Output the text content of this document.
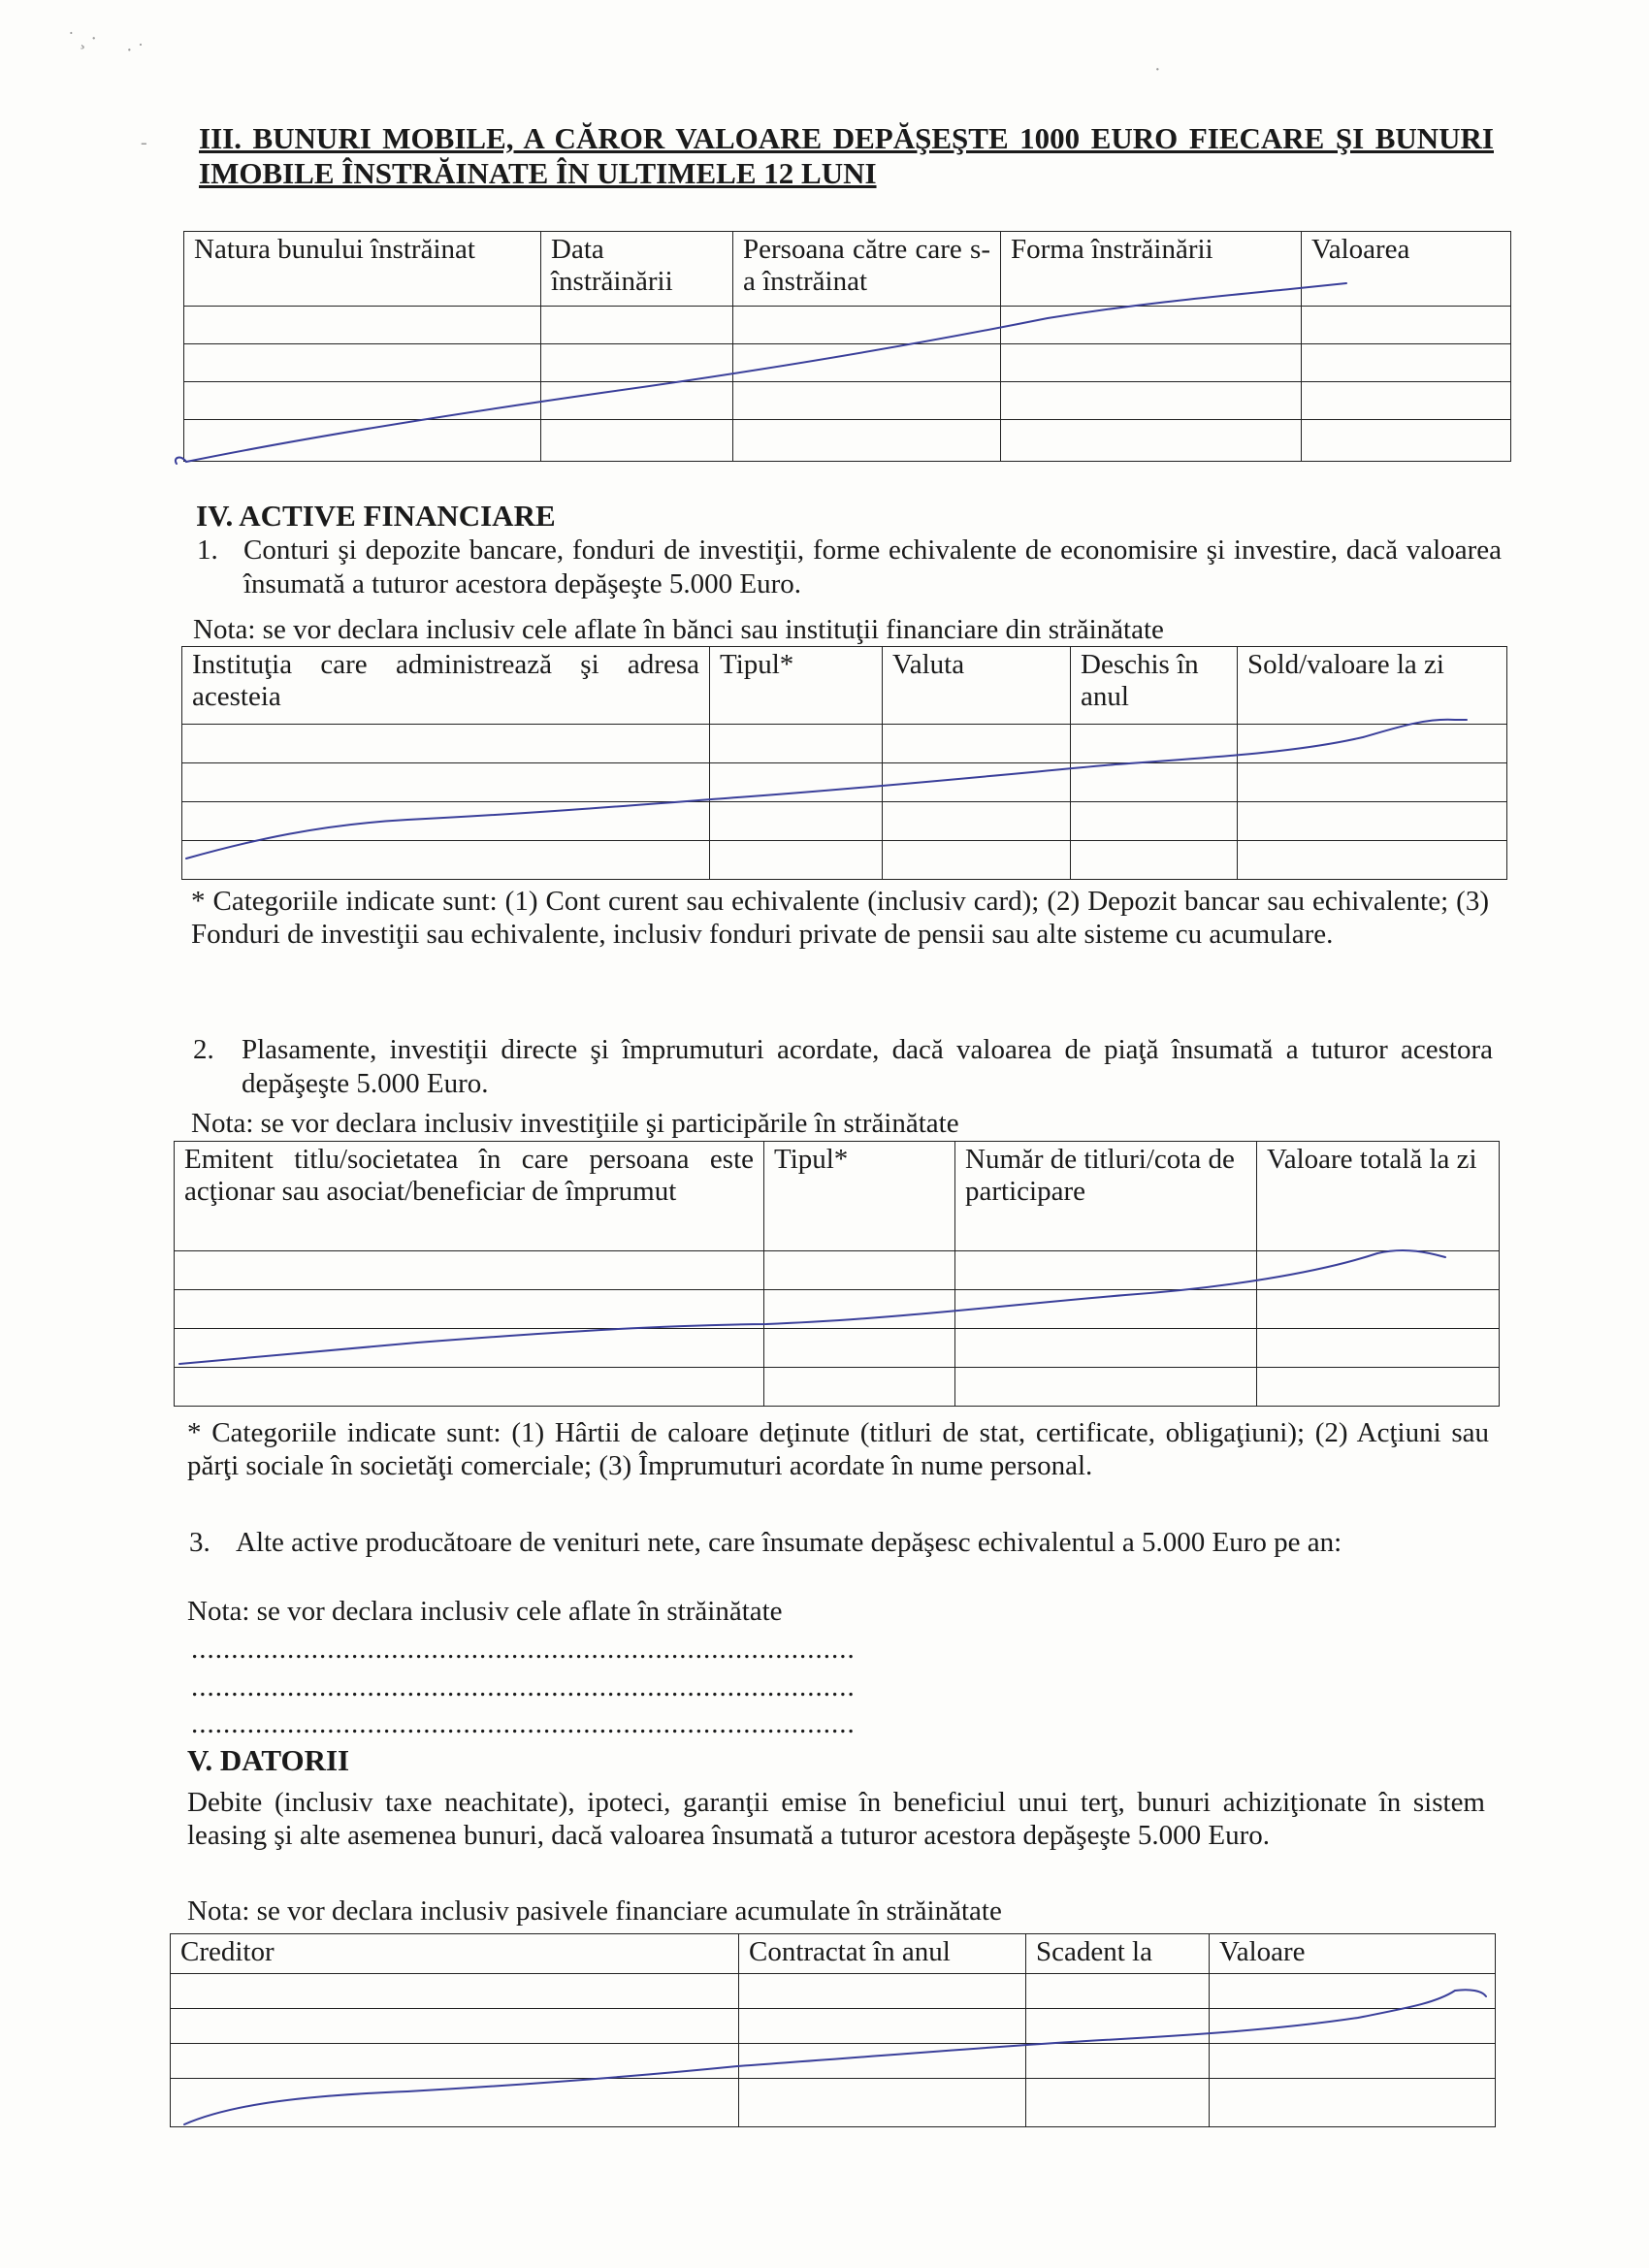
˙ ¸ ·
· ˙
·
- III. BUNURI MOBILE, A CĂROR VALOARE DEPĂŞEŞTE 1000 EURO FIECARE ŞI BUNURI IMOBILE ÎNSTRĂINATE ÎN ULTIMELE 12 LUNI
Natura bunului înstrăinat	Data înstrăinării	Persoana către care s-a înstrăinat	Forma înstrăinării	Valoarea

IV. ACTIVE FINANCIARE
1. Conturi şi depozite bancare, fonduri de investiţii, forme echivalente de economisire şi investire, dacă valoarea însumată a tuturor acestora depăşeşte 5.000 Euro.

Nota: se vor declara inclusiv cele aflate în bănci sau instituţii financiare din străinătate

Instituţia care administrează şi adresa acesteia	Tipul*	Valuta	Deschis în anul	Sold/valoare la zi

* Categoriile indicate sunt: (1) Cont curent sau echivalente (inclusiv card); (2) Depozit bancar sau echivalente; (3) Fonduri de investiţii sau echivalente, inclusiv fonduri private de pensii sau alte sisteme cu acumulare.

2. Plasamente, investiţii directe şi împrumuturi acordate, dacă valoarea de piaţă însumată a tuturor acestora depăşeşte 5.000 Euro.

Nota: se vor declara inclusiv investiţiile şi participările în străinătate

Emitent titlu/societatea în care persoana este acţionar sau asociat/beneficiar de împrumut	Tipul*	Număr de titluri/cota de participare	Valoare totală la zi

* Categoriile indicate sunt: (1) Hârtii de caloare deţinute (titluri de stat, certificate, obligaţiuni); (2) Acţiuni sau părţi sociale în societăţi comerciale; (3) Împrumuturi acordate în nume personal.

3. Alte active producătoare de venituri nete, care însumate depăşesc echivalentul a 5.000 Euro pe an:

Nota: se vor declara inclusiv cele aflate în străinătate

...................................................................................
...................................................................................
...................................................................................
V. DATORII

Debite (inclusiv taxe neachitate), ipoteci, garanţii emise în beneficiul unui terţ, bunuri achiziţionate în sistem leasing şi alte asemenea bunuri, dacă valoarea însumată a tuturor acestora depăşeşte 5.000 Euro.

Nota: se vor declara inclusiv pasivele financiare acumulate în străinătate

Creditor	Contractat în anul	Scadent la	Valoare
